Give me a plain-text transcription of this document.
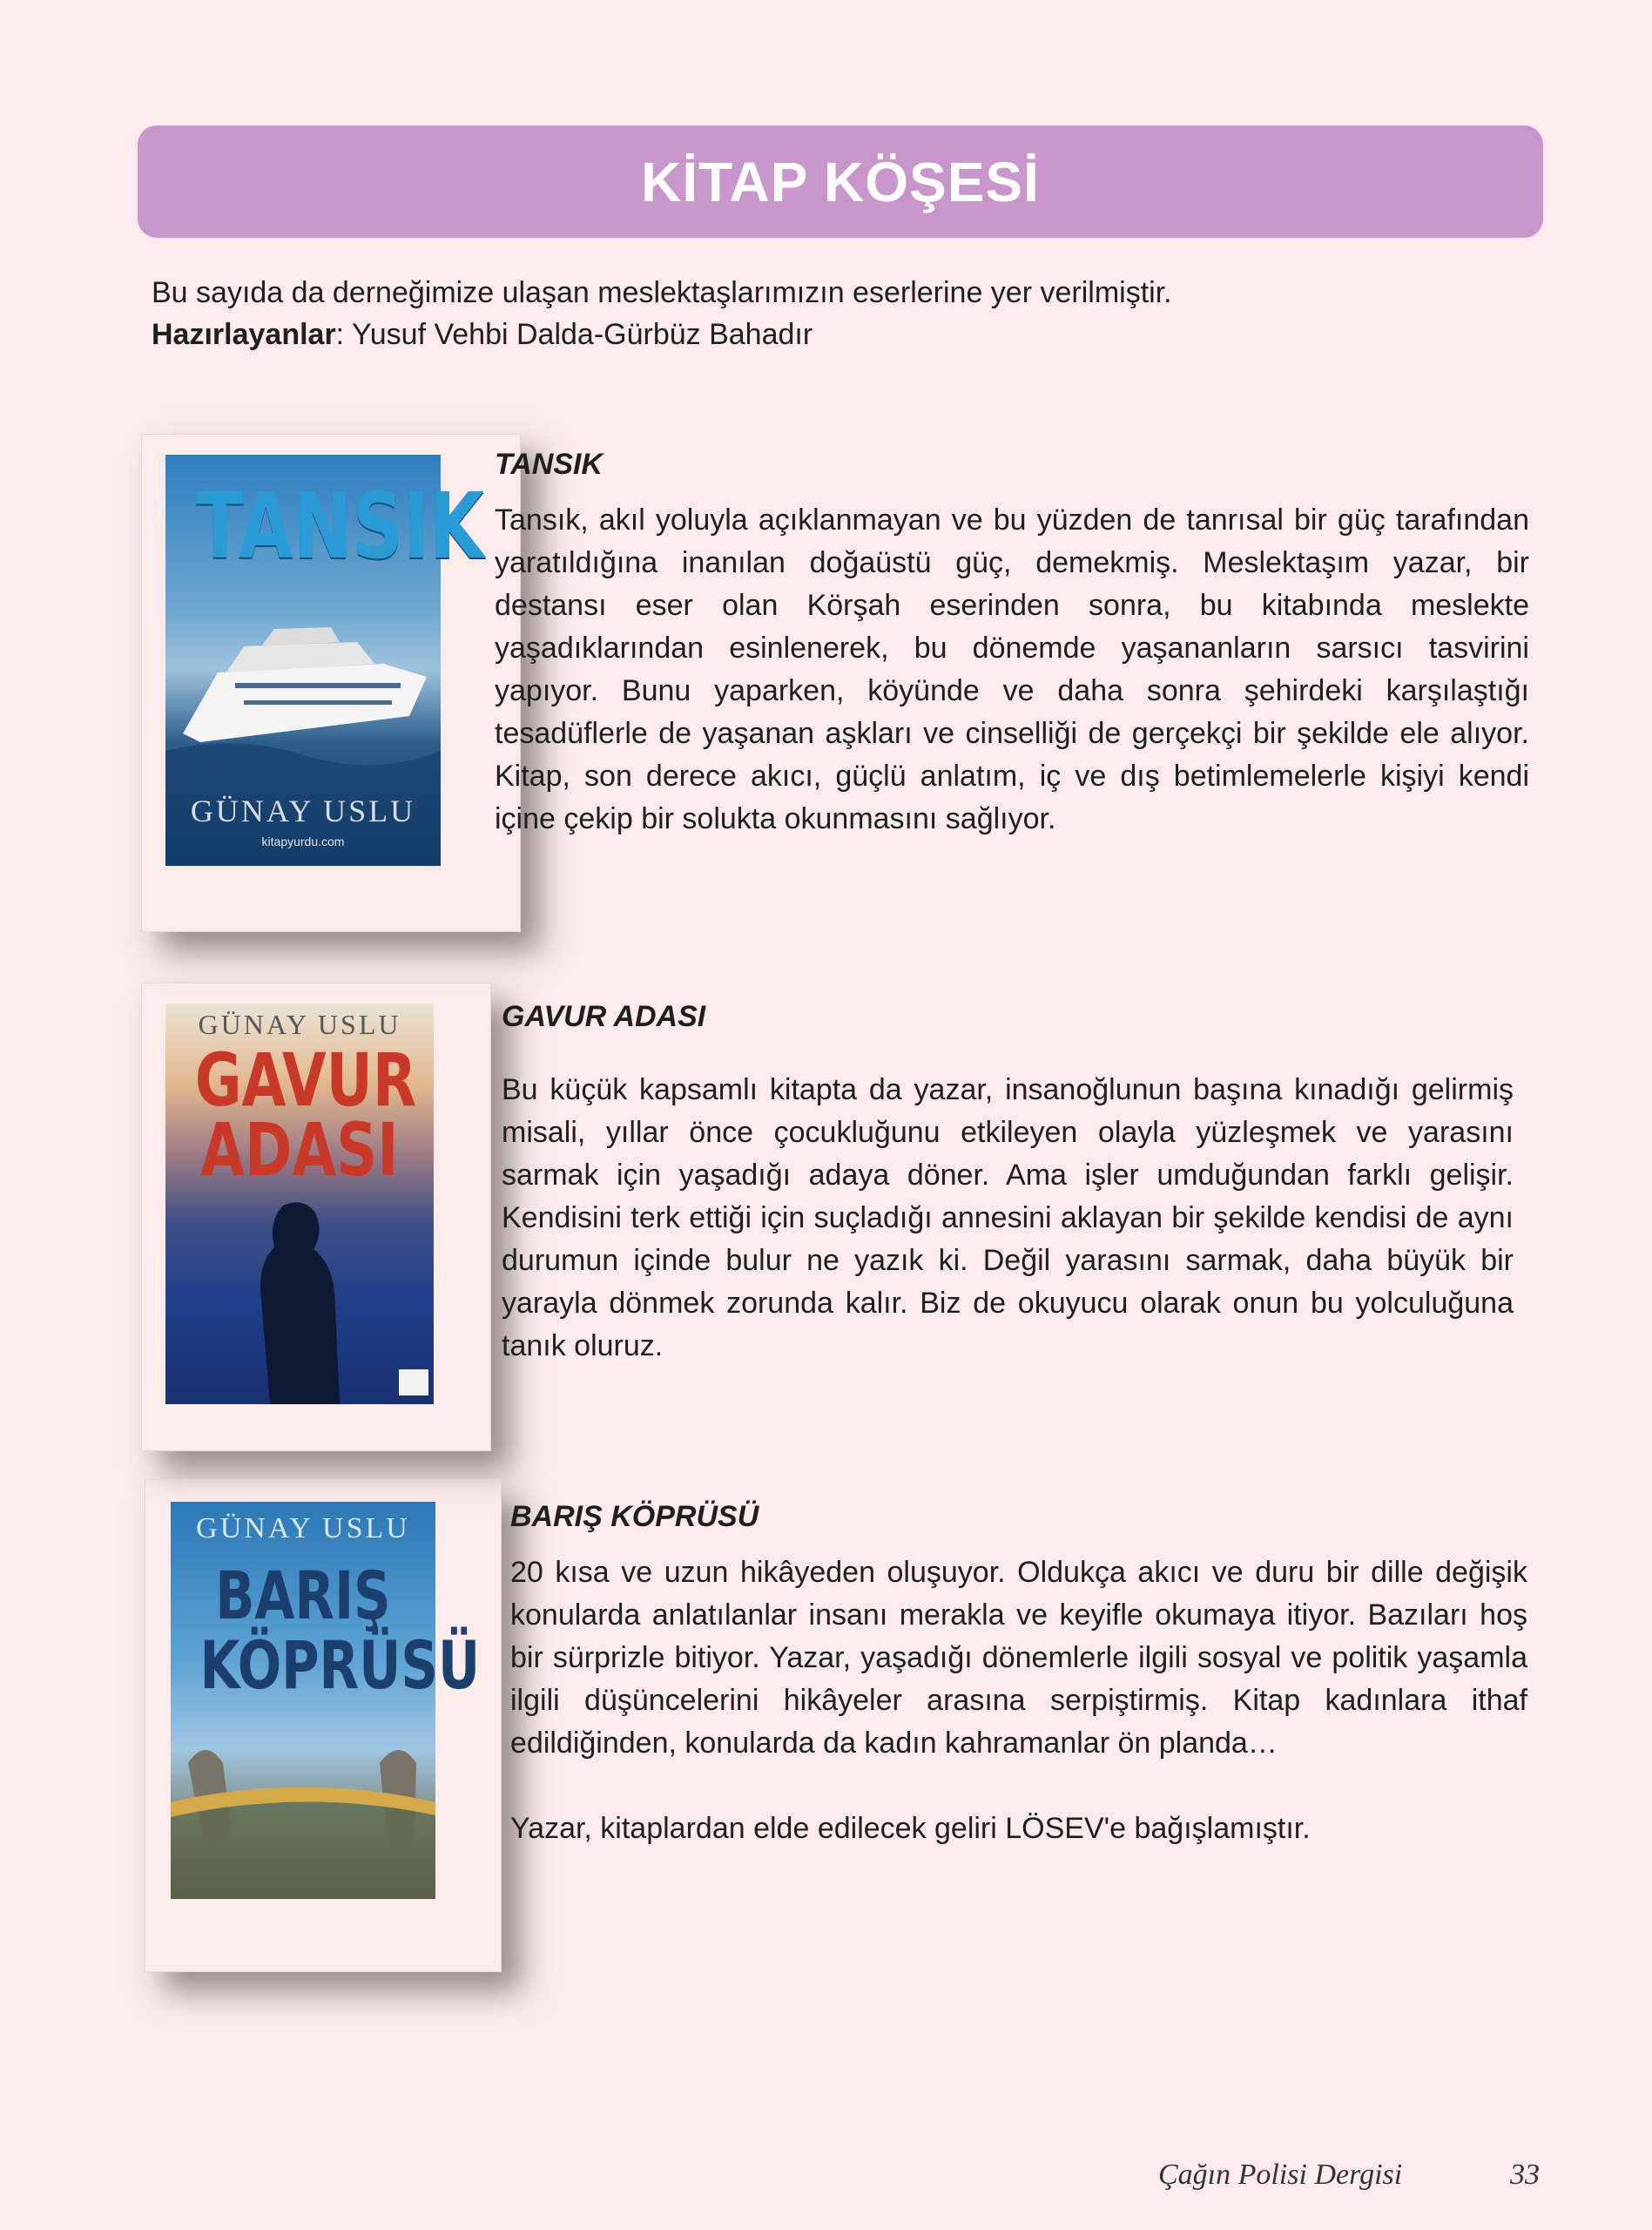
KİTAP KÖŞESİ

Bu sayıda da derneğimize ulaşan meslektaşlarımızın eserlerine yer verilmiştir.

Hazırlayanlar: Yusuf Vehbi Dalda-Gürbüz Bahadır

TANSIK
GÜNAY USLU
kitapyurdu.com

TANSIK

Tansık, akıl yoluyla açıklanmayan ve bu yüzden de tanrısal bir güç tarafından yaratıldığına inanılan doğaüstü güç, demekmiş. Meslektaşım yazar, bir destansı eser olan Körşah eserinden sonra, bu kitabında meslekte yaşadıklarından esinlenerek, bu dönemde yaşananların sarsıcı tasvirini yapıyor. Bunu yaparken, köyünde ve daha sonra şehirdeki karşılaştığı tesadüflerle de yaşanan aşkları ve cinselliği de gerçekçi bir şekilde ele alıyor. Kitap, son derece akıcı, güçlü anlatım, iç ve dış betimlemelerle kişiyi kendi içine çekip bir solukta okunmasını sağlıyor.

GÜNAY USLU
GAVUR
ADASI

GAVUR ADASI

Bu küçük kapsamlı kitapta da yazar, insanoğlunun başına kınadığı gelirmiş misali, yıllar önce çocukluğunu etkileyen olayla yüzleşmek ve yarasını sarmak için yaşadığı adaya döner. Ama işler umduğundan farklı gelişir. Kendisini terk ettiği için suçladığı annesini aklayan bir şekilde kendisi de aynı durumun içinde bulur ne yazık ki. Değil yarasını sarmak, daha büyük bir yarayla dönmek zorunda kalır. Biz de okuyucu olarak onun bu yolculuğuna tanık oluruz.

GÜNAY USLU
BARIŞ
KÖPRÜSÜ

BARIŞ KÖPRÜSÜ

20 kısa ve uzun hikâyeden oluşuyor. Oldukça akıcı ve duru bir dille değişik konularda anlatılanlar insanı merakla ve keyifle okumaya itiyor. Bazıları hoş bir sürprizle bitiyor. Yazar, yaşadığı dönemlerle ilgili sosyal ve politik yaşamla ilgili düşüncelerini hikâyeler arasına serpiştirmiş. Kitap kadınlara ithaf edildiğinden, konularda da kadın kahramanlar ön planda…

Yazar, kitaplardan elde edilecek geliri LÖSEV'e bağışlamıştır.

Çağın Polisi Dergisi	33
